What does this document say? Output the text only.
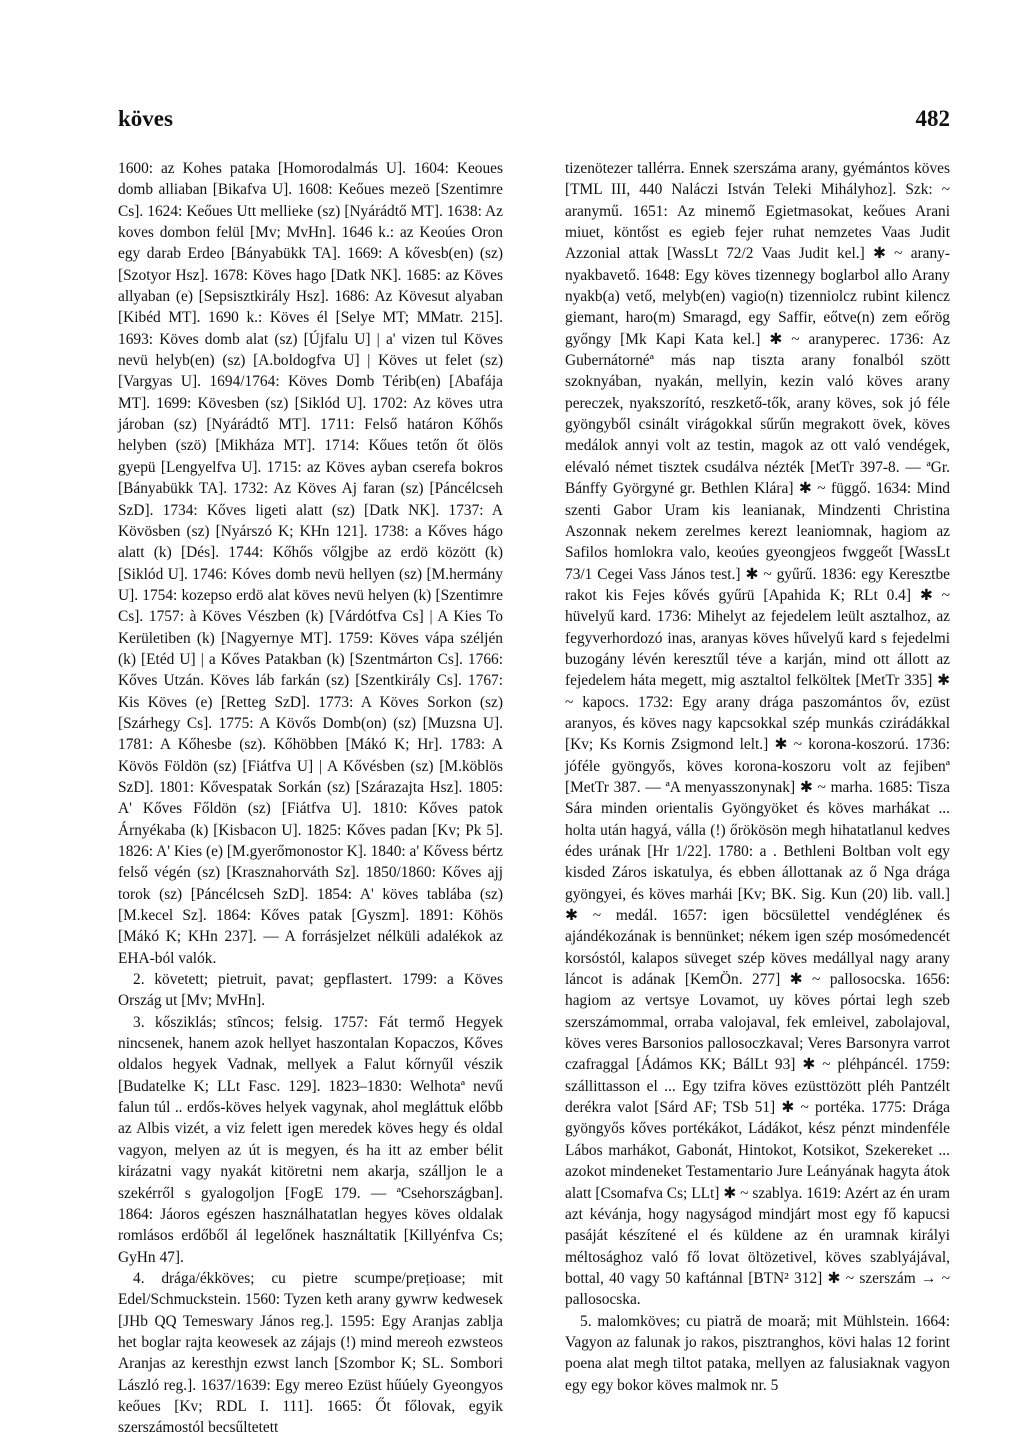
köves	482

1600: az Kohes pataka [Homorodalmás U]. 1604: Keoues domb alliaban [Bikafva U]. 1608: Keőues mezeö [Szentimre Cs]. 1624: Keőues Utt mellieke (sz) [Nyárádtő MT]. 1638: Az koves dombon felül [Mv; MvHn]. 1646 k.: az Keoúes Oron egy darab Erdeo [Bányabükk TA]. 1669: A kővesb(en) (sz) [Szotyor Hsz]. 1678: Köves hago [Datk NK]. 1685: az Köves allyaban (e) [Sepsisztkirály Hsz]. 1686: Az Kövesut alyaban [Kibéd MT]. 1690 k.: Köves él [Selye MT; MMatr. 215]. 1693: Köves domb alat (sz) [Újfalu U] | a' vizen tul Köves nevü helyb(en) (sz) [A.boldogfva U] | Köves ut felet (sz) [Vargyas U]. 1694/1764: Köves Domb Térib(en) [Abafája MT]. 1699: Kövesben (sz) [Siklód U]. 1702: Az köves utra jároban (sz) [Nyárádtő MT]. 1711: Felső határon Kőhős helyben (szö) [Mikháza MT]. 1714: Kőues tetőn őt ölös gyepü [Lengyelfva U]. 1715: az Köves ayban cserefa bokros [Bányabükk TA]. 1732: Az Köves Aj faran (sz) [Páncélcseh SzD]. 1734: Kőves ligeti alatt (sz) [Datk NK]. 1737: A Kövösben (sz) [Nyárszó K; KHn 121]. 1738: a Kőves hágo alatt (k) [Dés]. 1744: Kőhős vőlgjbe az erdö között (k) [Siklód U]. 1746: Kóves domb nevü hellyen (sz) [M.hermány U]. 1754: kozepso erdö alat köves nevü helyen (k) [Szentimre Cs]. 1757: à Köves Vészben (k) [Várdótfva Cs] | A Kies To Kerületiben (k) [Nagyernye MT]. 1759: Köves vápa széljén (k) [Etéd U] | a Kőves Patakban (k) [Szentmárton Cs]. 1766: Kőves Utzán. Köves láb farkán (sz) [Szentkirály Cs]. 1767: Kis Köves (e) [Retteg SzD]. 1773: A Köves Sorkon (sz) [Szárhegy Cs]. 1775: A Kövős Domb(on) (sz) [Muzsna U]. 1781: A Kőhesbe (sz). Kőhöbben [Mákó K; Hr]. 1783: A Kövös Földön (sz) [Fiátfva U] | A Kővésben (sz) [M.köblös SzD]. 1801: Kővespatak Sorkán (sz) [Szárazajta Hsz]. 1805: A' Kőves Főldön (sz) [Fiátfva U]. 1810: Kőves patok Árnyékaba (k) [Kisbacon U]. 1825: Kőves padan [Kv; Pk 5]. 1826: A' Kies (e) [M.gyerőmonostor K]. 1840: a' Kővess bértz felső végén (sz) [Krasznahorváth Sz]. 1850/1860: Kőves ajj torok (sz) [Páncélcseh SzD]. 1854: A' köves tablába (sz) [M.kecel Sz]. 1864: Kőves patak [Gyszm]. 1891: Köhös [Mákó K; KHn 237]. — A forrásjelzet nélküli adalékok az EHA-ból valók.

2. követett; pietruit, pavat; gepflastert. 1799: a Köves Ország ut [Mv; MvHn].

3. kősziklás; stîncos; felsig. 1757: Fát termő Hegyek nincsenek, hanem azok hellyet haszontalan Kopaczos, Kőves oldalos hegyek Vadnak, mellyek a Falut kőrnyűl vészik [Budatelke K; LLt Fasc. 129]. 1823–1830: Welhotaª nevű falun túl .. erdős-köves helyek vagynak, ahol megláttuk előbb az Albis vizét, a viz felett igen meredek köves hegy és oldal vagyon, melyen az út is megyen, és ha itt az ember bélit kirázatni vagy nyakát kitöretni nem akarja, szálljon le a szekérről s gyalogoljon [FogE 179. — ªCsehországban]. 1864: Jáoros egészen használhatatlan hegyes köves oldalak romlásos erdőből ál legelőnek használtatik [Killyénfva Cs; GyHn 47].

4. drága/ékköves; cu pietre scumpe/prețioase; mit Edel/Schmuckstein. 1560: Tyzen keth arany gywrw kedwesek [JHb QQ Temeswary János reg.]. 1595: Egy Aranjas zablja het boglar rajta keowesek az zájajs (!) mind mereoh ezwsteos Aranjas az keresthjn ezwst lanch [Szombor K; SL. Sombori László reg.]. 1637/1639: Egy mereo Ezüst hűúely Gyeongyos keőues [Kv; RDL I. 111]. 1665: Őt főlovak, egyik szerszámostól becsűltetett

tizenötezer tallérra. Ennek szerszáma arany, gyémántos köves [TML III, 440 Naláczi István Teleki Mihályhoz]. Szk: ~ aranymű. 1651: Az minemő Egietmasokat, keőues Arani miuet, köntőst es egieb fejer ruhat nemzetes Vaas Judit Azzonial attak [WassLt 72/2 Vaas Judit kel.] ✱ ~ arany-nyakbavető. 1648: Egy köves tizennegy boglarbol allo Arany nyakb(a) vető, melyb(en) vagio(n) tizenniolcz rubint kilencz giemant, haro(m) Smaragd, egy Saffir, eőtve(n) zem eőrög győngy [Mk Kapi Kata kel.] ✱ ~ aranyperec. 1736: Az Gubernátornéª más nap tiszta arany fonalból szött szoknyában, nyakán, mellyin, kezin való köves arany pereczek, nyakszorító, reszkető-tők, arany köves, sok jó féle gyöngyből csinált virágokkal sűrűn megrakott övek, köves medálok annyi volt az testin, magok az ott való vendégek, elévaló német tisztek csudálva nézték [MetTr 397-8. — ªGr. Bánffy Györgyné gr. Bethlen Klára] ✱ ~ függő. 1634: Mind szenti Gabor Uram kis leanianak, Mindzenti Christina Aszonnak nekem zerelmes kerezt leaniomnak, hagiom az Safilos homlokra valo, keoúes gyeongjeos fwggeőt [WassLt 73/1 Cegei Vass János test.] ✱ ~ gyűrű. 1836: egy Keresztbe rakot kis Fejes kővés gyűrü [Apahida K; RLt 0.4] ✱ ~ hüvelyű kard. 1736: Mihelyt az fejedelem leült asztalhoz, az fegyverhordozó inas, aranyas köves hűvelyű kard s fejedelmi buzogány lévén keresztűl téve a karján, mind ott állott az fejedelem háta megett, mig asztaltol felköltek [MetTr 335] ✱ ~ kapocs. 1732: Egy arany drága paszomántos őv, ezüst aranyos, és köves nagy kapcsokkal szép munkás czirádákkal [Kv; Ks Kornis Zsigmond lelt.] ✱ ~ korona-koszorú. 1736: jóféle gyöngyős, köves korona-koszoru volt az fejibenª [MetTr 387. — ªA menyasszonynak] ✱ ~ marha. 1685: Tisza Sára minden orientalis Gyöngyöket és köves marhákat ... holta után hagyá, válla (!) őrökösön megh hihatatlanul kedves édes urának [Hr 1/22]. 1780: a . Bethleni Boltban volt egy kisded Záros iskatulya, és ebben állottanak az ő Nga drága gyöngyei, és köves marhái [Kv; BK. Sig. Kun (20) lib. vall.] ✱ ~ medál. 1657: igen böcsülettel vendégléneк és ajándékozának is bennünket; nékem igen szép mosómedencét korsóstól, kalapos süveget szép köves medállyal nagy arany láncot is adának [KemÖn. 277] ✱ ~ pallosocska. 1656: hagiom az vertsye Lovamot, uy köves pórtai legh szeb szerszámommal, orraba valojaval, fek emleivel, zabolajoval, köves veres Barsonios pallosoczkaval; Veres Barsonyra varrot czafraggal [Ádámos KK; BálLt 93] ✱ ~ pléhpáncél. 1759: szállittasson el ... Egy tzifra köves ezüsttözött pléh Pantzélt derékra valot [Sárd AF; TSb 51] ✱ ~ portéka. 1775: Drága gyöngyős kőves portékákot, Ládákot, kész pénzt mindenféle Lábos marhákot, Gabonát, Hintokot, Kotsikot, Szekereket ... azokot mindeneket Testamentario Jure Leányának hagyta átok alatt [Csomafva Cs; LLt] ✱ ~ szablya. 1619: Azért az én uram azt kévánja, hogy nagyságod mindjárt most egy fő kapucsi pasáját készítené el és küldene az én uramnak királyi méltosághoz való fő lovat öltözetivel, köves szablyájával, bottal, 40 vagy 50 kaftánnal [BTN² 312] ✱ ~ szerszám → ~ pallosocska.

5. malomköves; cu piatră de moară; mit Mühlstein. 1664: Vagyon az falunak jo rakos, pisztranghos, kövi halas 12 forint poena alat megh tiltot pataka, mellyen az falusiaknak vagyon egy egy bokor köves malmok nr. 5
